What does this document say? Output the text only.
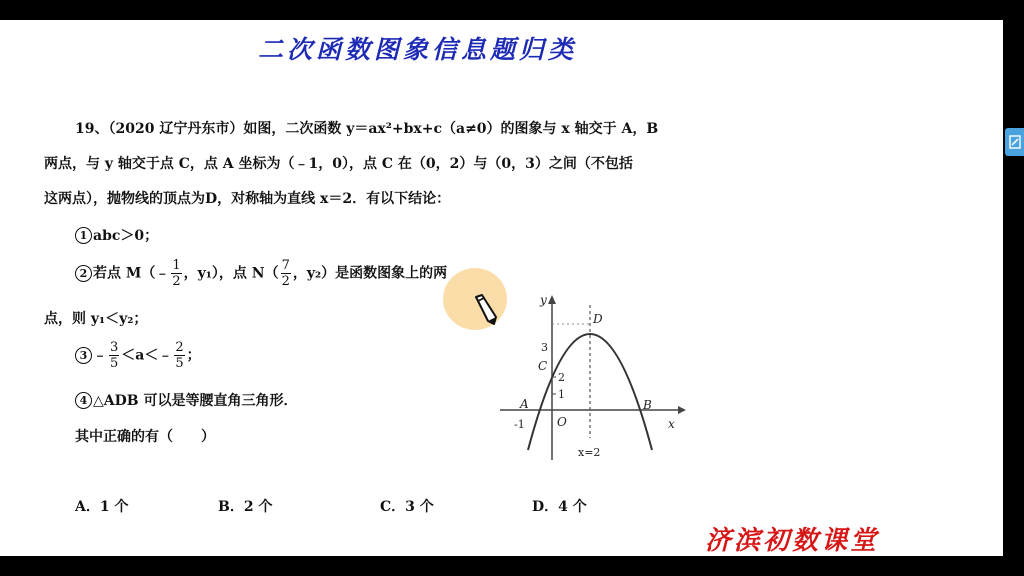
二次函数图象信息题归类
19、（2020 辽宁丹东市）如图，二次函数 y＝ax²+bx+c（a≠0）的图象与 x 轴交于 A，B
两点，与 y 轴交于点 C，点 A 坐标为（﹣1，0），点 C 在（0，2）与（0，3）之间（不包括
这两点），抛物线的顶点为D，对称轴为直线 x＝2．有以下结论：
1 abc＞0；
2 若点 M（﹣ $\frac{1}{2}$ ，y₁），点 $N( \frac{7}{2}$ ，y₂）是函数图象上的两
点，则 y₁＜y₂；
3 ﹣ $\frac{3}{5}$ ＜a＜﹣ $\frac{2}{5}$ ；
4 △ADB 可以是等腰直角三角形．
其中正确的有（　　）
y
x
D
C
A	B
O
3
2
1
-1
x=2
A．1 个	B．2 个	C．3 个	D．4 个
济滨初数课堂
